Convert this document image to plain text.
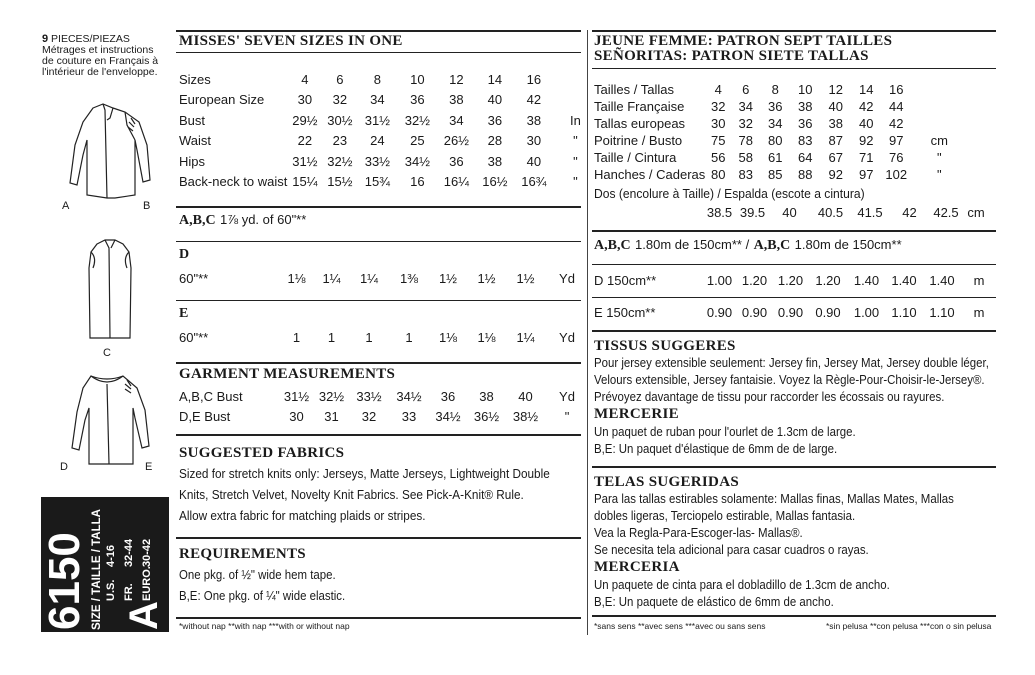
9 PIECES/PIEZAS
Métrages et instructions
de couture en Français à
l'intérieur de l'enveloppe.
A	B
C
D	E
6150 SIZE / TAILLE / TALLA A
U.S.
4-16
FR.
32-44
EURO.
30-42
MISSES' SEVEN SIZES IN ONE
Sizes	4	6	8	10	12	14	16	
European Size	30	32	34	36	38	40	42	
Bust	29½	30½	31½	32½	34	36	38	In
Waist	22	23	24	25	26½	28	30	"
Hips	31½	32½	33½	34½	36	38	40	"
Back-neck to waist	15¼	15½	15¾	16	16¼	16½	16¾	"
A,B,C 1⅞ yd. of 60"**
D
60"**	1⅛	1¼	1¼	1⅜	1½	1½	1½	Yd
E
60"**	1	1	1	1	1⅛	1⅛	1¼	Yd
GARMENT MEASUREMENTS
A,B,C Bust	31½	32½	33½	34½	36	38	40	Yd
D,E Bust	30	31	32	33	34½	36½	38½	"
SUGGESTED FABRICS
Sized for stretch knits only: Jerseys, Matte Jerseys, Lightweight Double
Knits, Stretch Velvet, Novelty Knit Fabrics. See Pick-A-Knit® Rule.
Allow extra fabric for matching plaids or stripes.
REQUIREMENTS
One pkg. of ½" wide hem tape.
B,E: One pkg. of ¼" wide elastic.
*without nap **with nap ***with or without nap
JEUNE FEMME: PATRON SEPT TAILLES
SEÑORITAS: PATRON SIETE TALLAS
Tailles / Tallas	4	6	8	10	12	14	16	
Taille Française	32	34	36	38	40	42	44	
Tallas europeas	30	32	34	36	38	40	42	
Poitrine / Busto	75	78	80	83	87	92	97	cm
Taille / Cintura	56	58	61	64	67	71	76	"
Hanches / Caderas	80	83	85	88	92	97	102	"
Dos (encolure à Taille) / Espalda (escote a cintura)
	38.5	39.5	40	40.5	41.5	42	42.5	cm
A,B,C 1.80m de 150cm** / A,B,C 1.80m de 150cm**
D 150cm**	1.00	1.20	1.20	1.20	1.40	1.40	1.40	m
E 150cm**	0.90	0.90	0.90	0.90	1.00	1.10	1.10	m
TISSUS SUGGERES
Pour jersey extensible seulement: Jersey fin, Jersey Mat, Jersey double léger,
Velours extensible, Jersey fantaisie. Voyez la Règle-Pour-Choisir-le-Jersey®.
Prévoyez davantage de tissu pour raccorder les écossais ou rayures.
MERCERIE
Un paquet de ruban pour l'ourlet de 1.3cm de large.
B,E: Un paquet d'élastique de 6mm de de large.
TELAS SUGERIDAS
Para las tallas estirables solamente: Mallas finas, Mallas Mates, Mallas
dobles ligeras, Terciopelo estirable, Mallas fantasia.
Vea la Regla-Para-Escoger-las- Mallas®.
Se necesita tela adicional para casar cuadros o rayas.
MERCERIA
Un paquete de cinta para el dobladillo de 1.3cm de ancho.
B,E: Un paquete de elástico de 6mm de ancho.
*sans sens **avec sens ***avec ou sans sens	*sin pelusa **con pelusa ***con o sin pelusa
